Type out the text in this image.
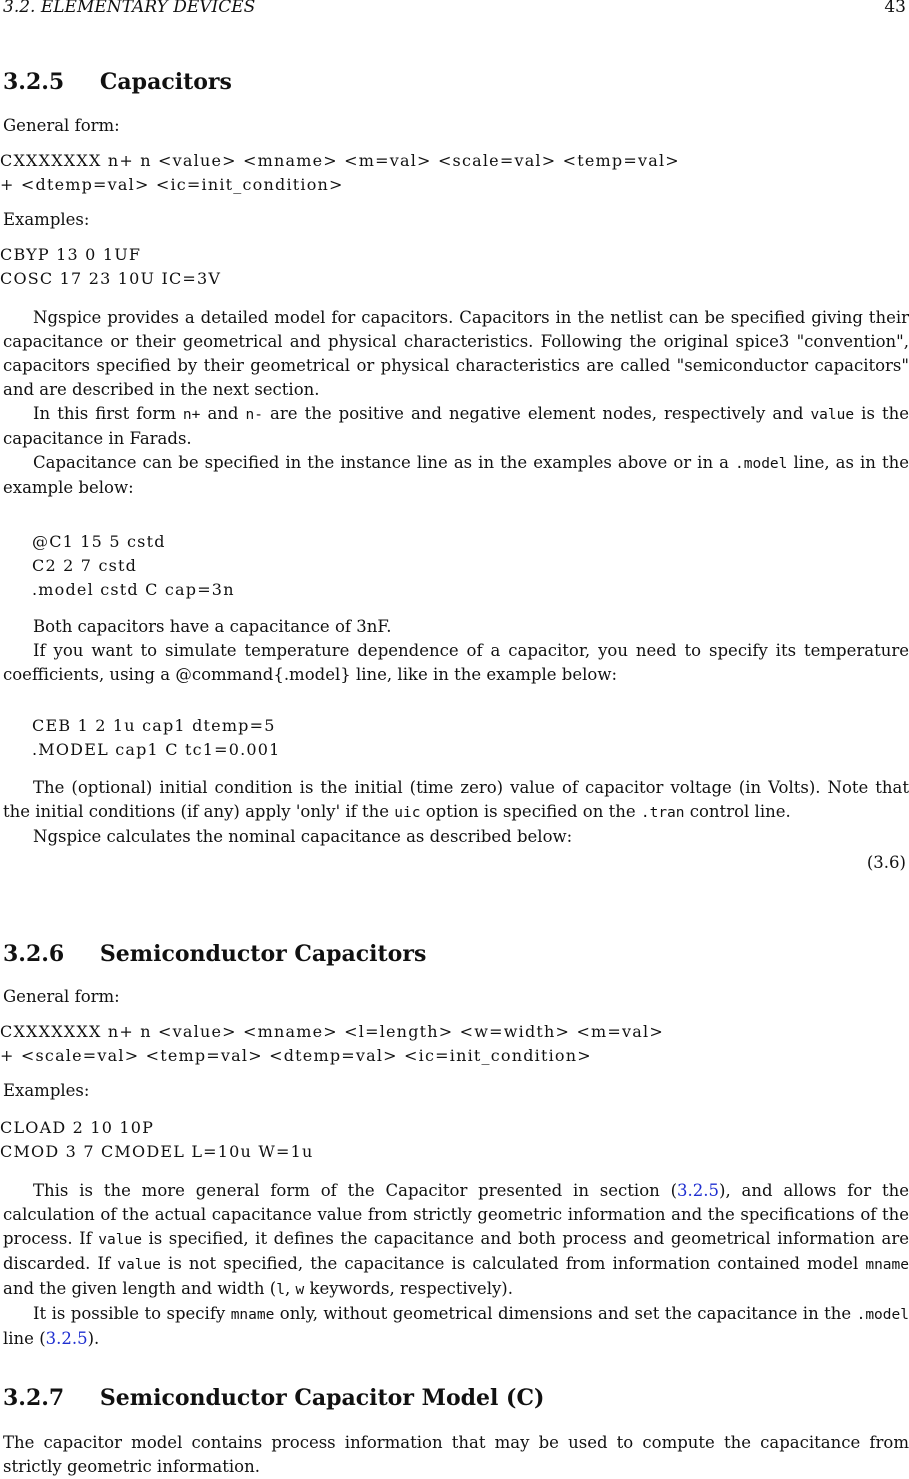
3.2. ELEMENTARY DEVICES	43
3.2.5 Capacitors
General form:
CXXXXXXX n+ n <value> <mname> <m=val> <scale=val> <temp=val>
+ <dtemp=val> <ic=init_condition>
Examples:
CBYP 13 0 1UF
COSC 17 23 10U IC=3V

Ngspice provides a detailed model for capacitors. Capacitors in the netlist can be specified giving their capacitance or their geometrical and physical characteristics. Following the original spice3 "convention", capacitors specified by their geometrical or physical characteristics are called "semiconductor capacitors" and are described in the next section.

In this first form n+ and n- are the positive and negative element nodes, respectively and value is the capacitance in Farads.

Capacitance can be specified in the instance line as in the examples above or in a .model line, as in the example below:

@C1 15 5 cstd
C2 2 7 cstd
.model cstd C cap=3n

Both capacitors have a capacitance of 3nF.

If you want to simulate temperature dependence of a capacitor, you need to specify its temperature coefficients, using a @command{.model} line, like in the example below:

CEB 1 2 1u cap1 dtemp=5
.MODEL cap1 C tc1=0.001

The (optional) initial condition is the initial (time zero) value of capacitor voltage (in Volts). Note that the initial conditions (if any) apply 'only' if the uic option is specified on the .tran control line.

Ngspice calculates the nominal capacitance as described below:

(3.6)
3.2.6 Semiconductor Capacitors
General form:
CXXXXXXX n+ n <value> <mname> <l=length> <w=width> <m=val>
+ <scale=val> <temp=val> <dtemp=val> <ic=init_condition>
Examples:
CLOAD 2 10 10P
CMOD 3 7 CMODEL L=10u W=1u

This is the more general form of the Capacitor presented in section (3.2.5), and allows for the calculation of the actual capacitance value from strictly geometric information and the specifications of the process. If value is specified, it defines the capacitance and both process and geometrical information are discarded. If value is not specified, the capacitance is calculated from information contained model mname and the given length and width (l, w keywords, respectively).

It is possible to specify mname only, without geometrical dimensions and set the capacitance in the .model line (3.2.5).

3.2.7 Semiconductor Capacitor Model (C)

The capacitor model contains process information that may be used to compute the capacitance from strictly geometric information.
